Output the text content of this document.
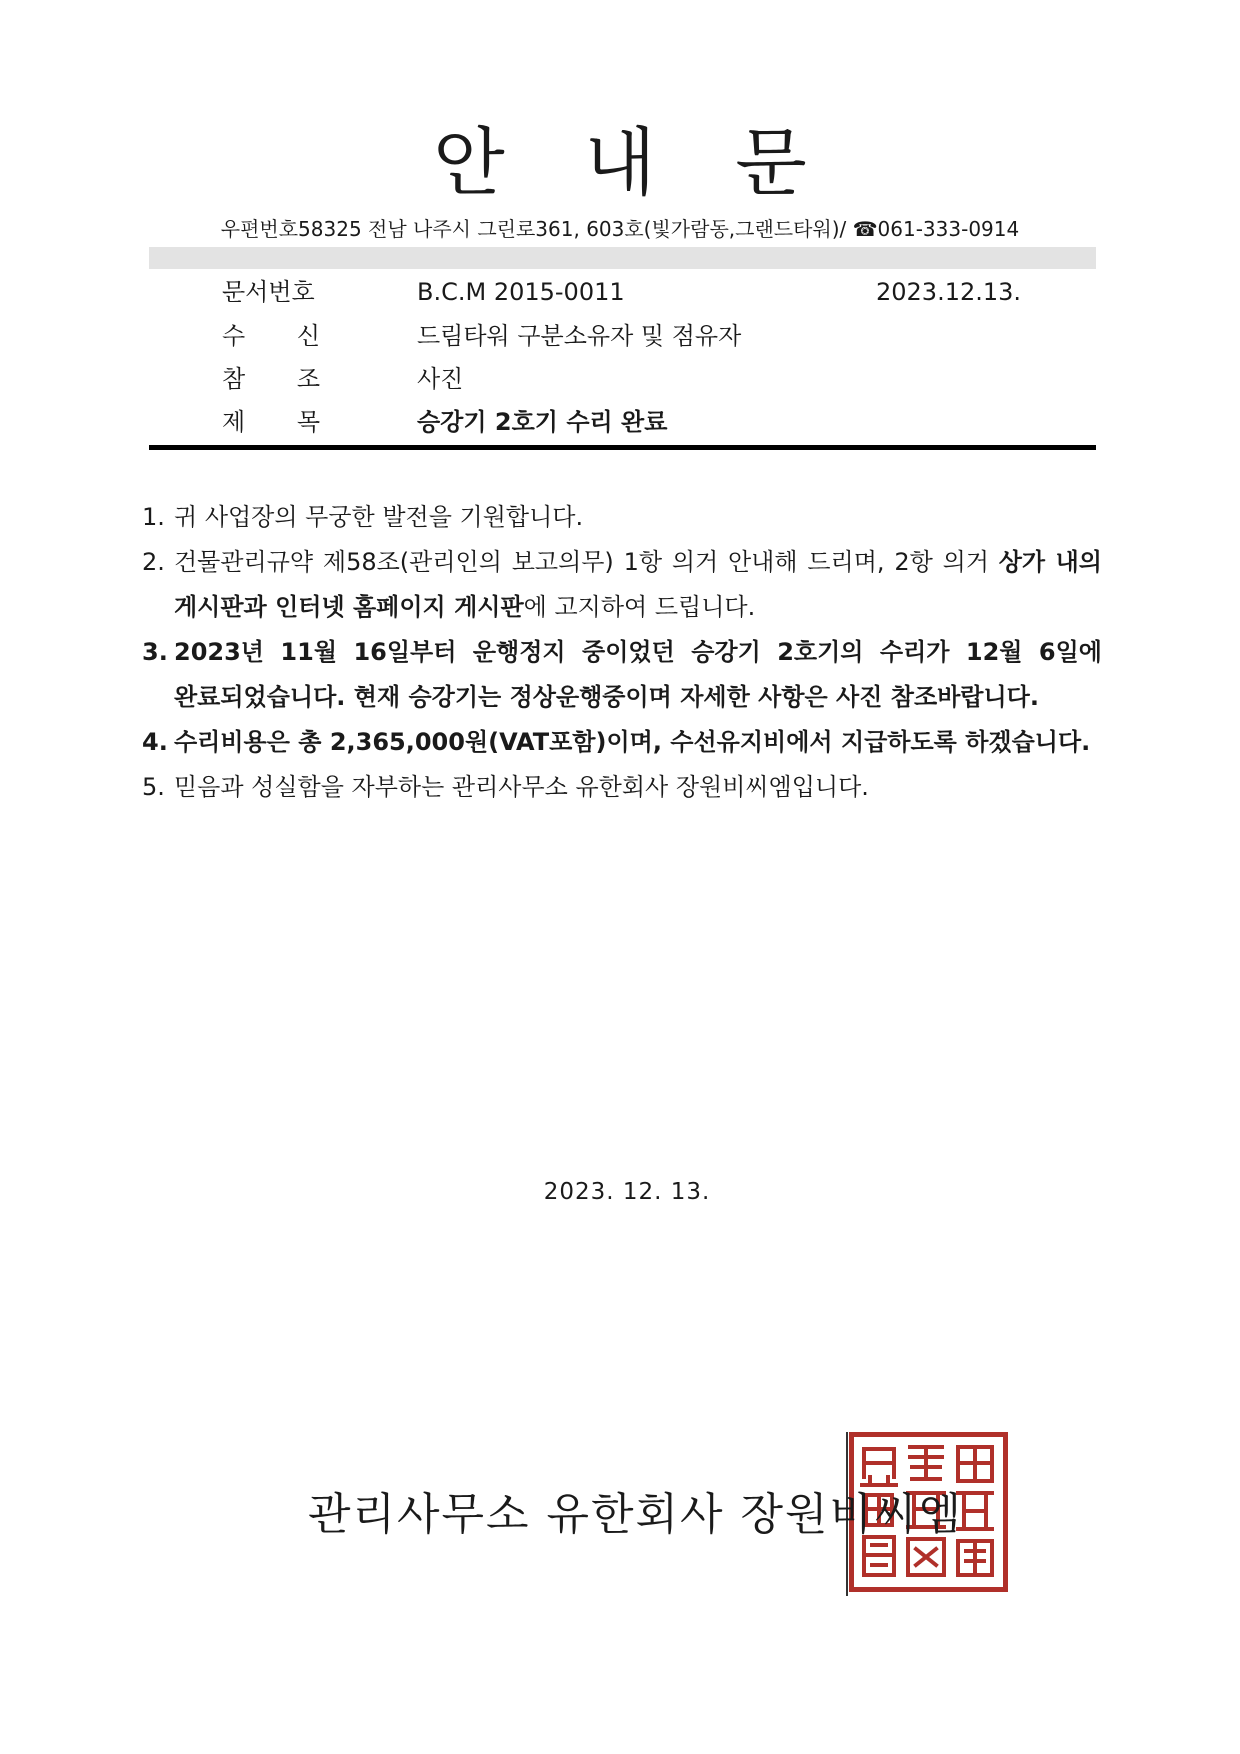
안 내 문
우편번호58325 전남 나주시 그린로361, 603호(빛가람동,그랜드타워)/ ☎061-333-0914
문서번호	B.C.M 2015-0011	2023.12.13.
수 신	드림타워 구분소유자 및 점유자
참 조	사진
제 목	승강기 2호기 수리 완료
1. 귀 사업장의 무궁한 발전을 기원합니다.
2. 건물관리규약 제58조(관리인의 보고의무) 1항 의거 안내해 드리며, 2항 의거 상가 내의 게시판과 인터넷 홈페이지 게시판에 고지하여 드립니다.
3. 2023년 11월 16일부터 운행정지 중이었던 승강기 2호기의 수리가 12월 6일에 완료되었습니다. 현재 승강기는 정상운행중이며 자세한 사항은 사진 참조바랍니다.
4. 수리비용은 총 2,365,000원(VAT포함)이며, 수선유지비에서 지급하도록 하겠습니다.
5. 믿음과 성실함을 자부하는 관리사무소 유한회사 장원비씨엠입니다.
2023. 12. 13.
관리사무소 유한회사 장원비씨엠
